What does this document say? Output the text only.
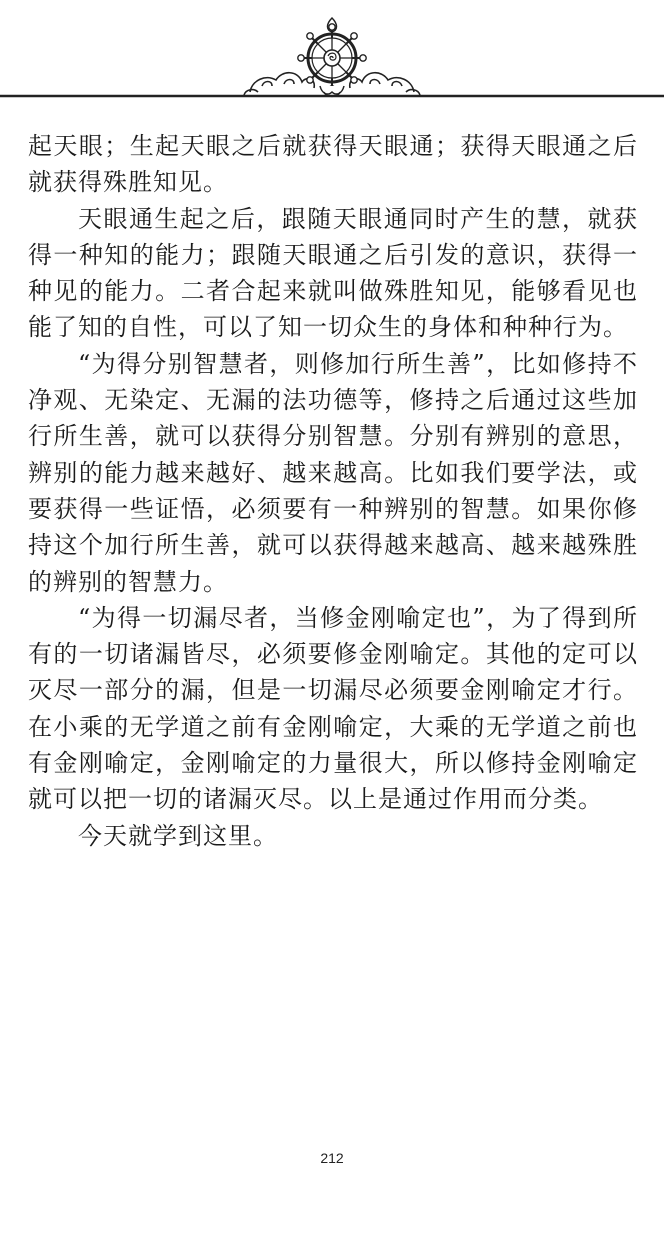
起天眼；生起天眼之后就获得天眼通；获得天眼通之后就获得殊胜知见。

天眼通生起之后，跟随天眼通同时产生的慧，就获得一种知的能力；跟随天眼通之后引发的意识，获得一种见的能力。二者合起来就叫做殊胜知见，能够看见也能了知的自性，可以了知一切众生的身体和种种行为。

“为得分别智慧者，则修加行所生善”，比如修持不净观、无染定、无漏的法功德等，修持之后通过这些加行所生善，就可以获得分别智慧。分别有辨别的意思，辨别的能力越来越好、越来越高。比如我们要学法，或要获得一些证悟，必须要有一种辨别的智慧。如果你修持这个加行所生善，就可以获得越来越高、越来越殊胜的辨别的智慧力。

“为得一切漏尽者，当修金刚喻定也”，为了得到所有的一切诸漏皆尽，必须要修金刚喻定。其他的定可以灭尽一部分的漏，但是一切漏尽必须要金刚喻定才行。在小乘的无学道之前有金刚喻定，大乘的无学道之前也有金刚喻定，金刚喻定的力量很大，所以修持金刚喻定就可以把一切的诸漏灭尽。以上是通过作用而分类。

今天就学到这里。

212
